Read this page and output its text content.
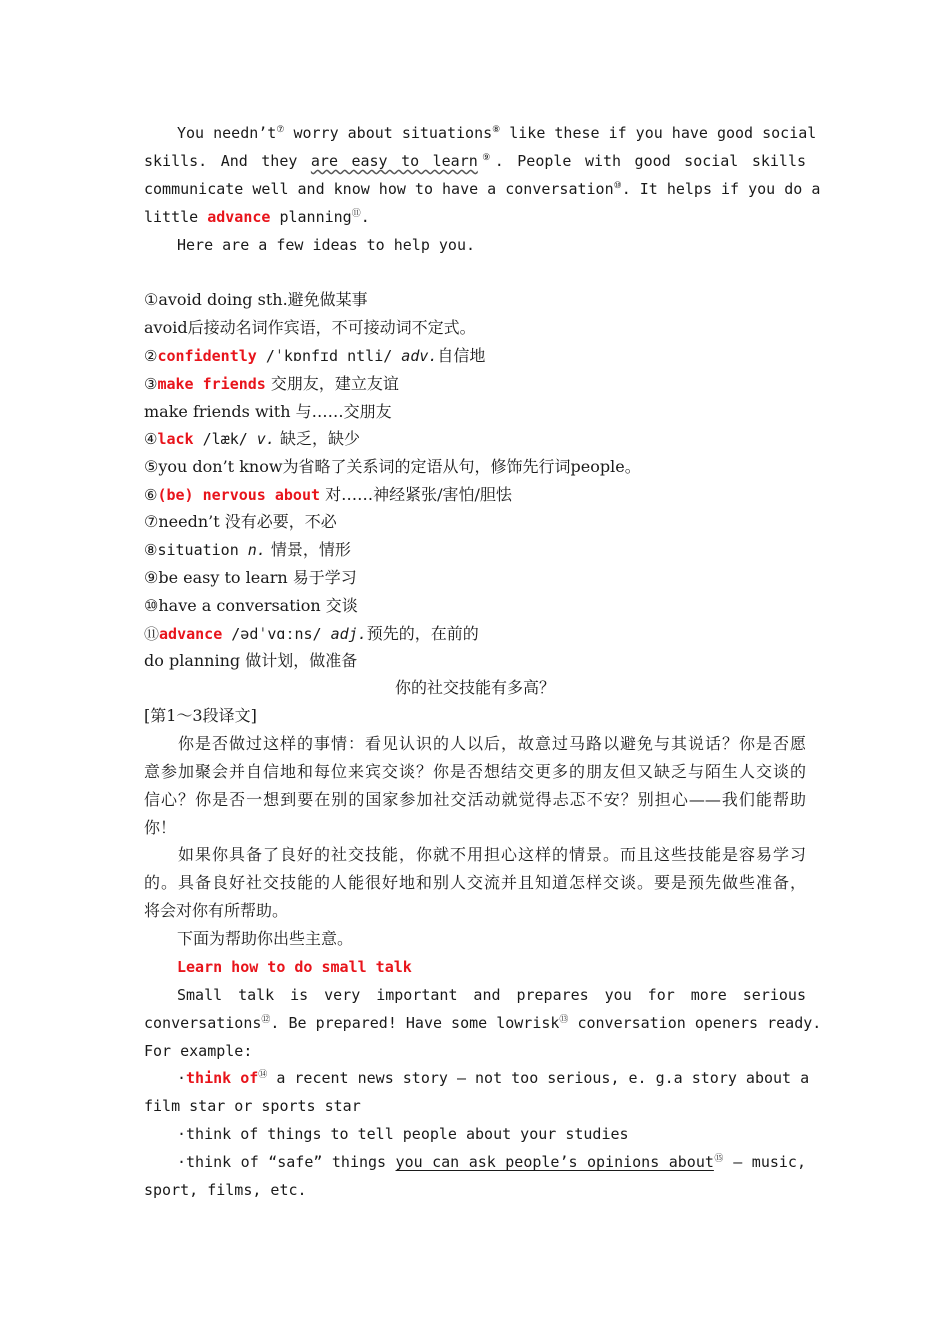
You needn’t⑦ worry about situations⑧ like these if you have good social
skills. And they are easy to learn⑨. People with good social skills
communicate well and know how to have a conversation⑩. It helps if you do a
little advance planning⑪.
Here are a few ideas to help you.
①avoid doing sth.避免做某事
avoid后接动名词作宾语，不可接动词不定式。
②confidently /ˈkɒnfɪd ntli/ adv.自信地
③make friends 交朋友，建立友谊
make friends with 与……交朋友
④lack /læk/ v. 缺乏，缺少
⑤you don’t know为省略了关系词的定语从句，修饰先行词people。
⑥(be) nervous about 对……神经紧张/害怕/胆怯
⑦needn’t 没有必要，不必
⑧situation n. 情景，情形
⑨be easy to learn 易于学习
⑩have a conversation 交谈
⑪advance /ədˈvɑːns/ adj.预先的，在前的
do planning 做计划，做准备
你的社交技能有多高？
[第1～3段译文]
你是否做过这样的事情：看见认识的人以后，故意过马路以避免与其说话？你是否愿
意参加聚会并自信地和每位来宾交谈？你是否想结交更多的朋友但又缺乏与陌生人交谈的
信心？你是否一想到要在别的国家参加社交活动就觉得忐忑不安？别担心——我们能帮助
你！
如果你具备了良好的社交技能，你就不用担心这样的情景。而且这些技能是容易学习
的。具备良好社交技能的人能很好地和别人交流并且知道怎样交谈。要是预先做些准备，
将会对你有所帮助。
下面为帮助你出些主意。
Learn how to do small talk
Small talk is very important and prepares you for more serious
conversations⑫. Be prepared! Have some lowrisk⑬ conversation openers ready.
For example:
·think of⑭ a recent news story — not too serious, e. g.a story about a
film star or sports star
·think of things to tell people about your studies
·think of “safe” things you can ask people’s opinions about⑮ — music,
sport, films, etc.
